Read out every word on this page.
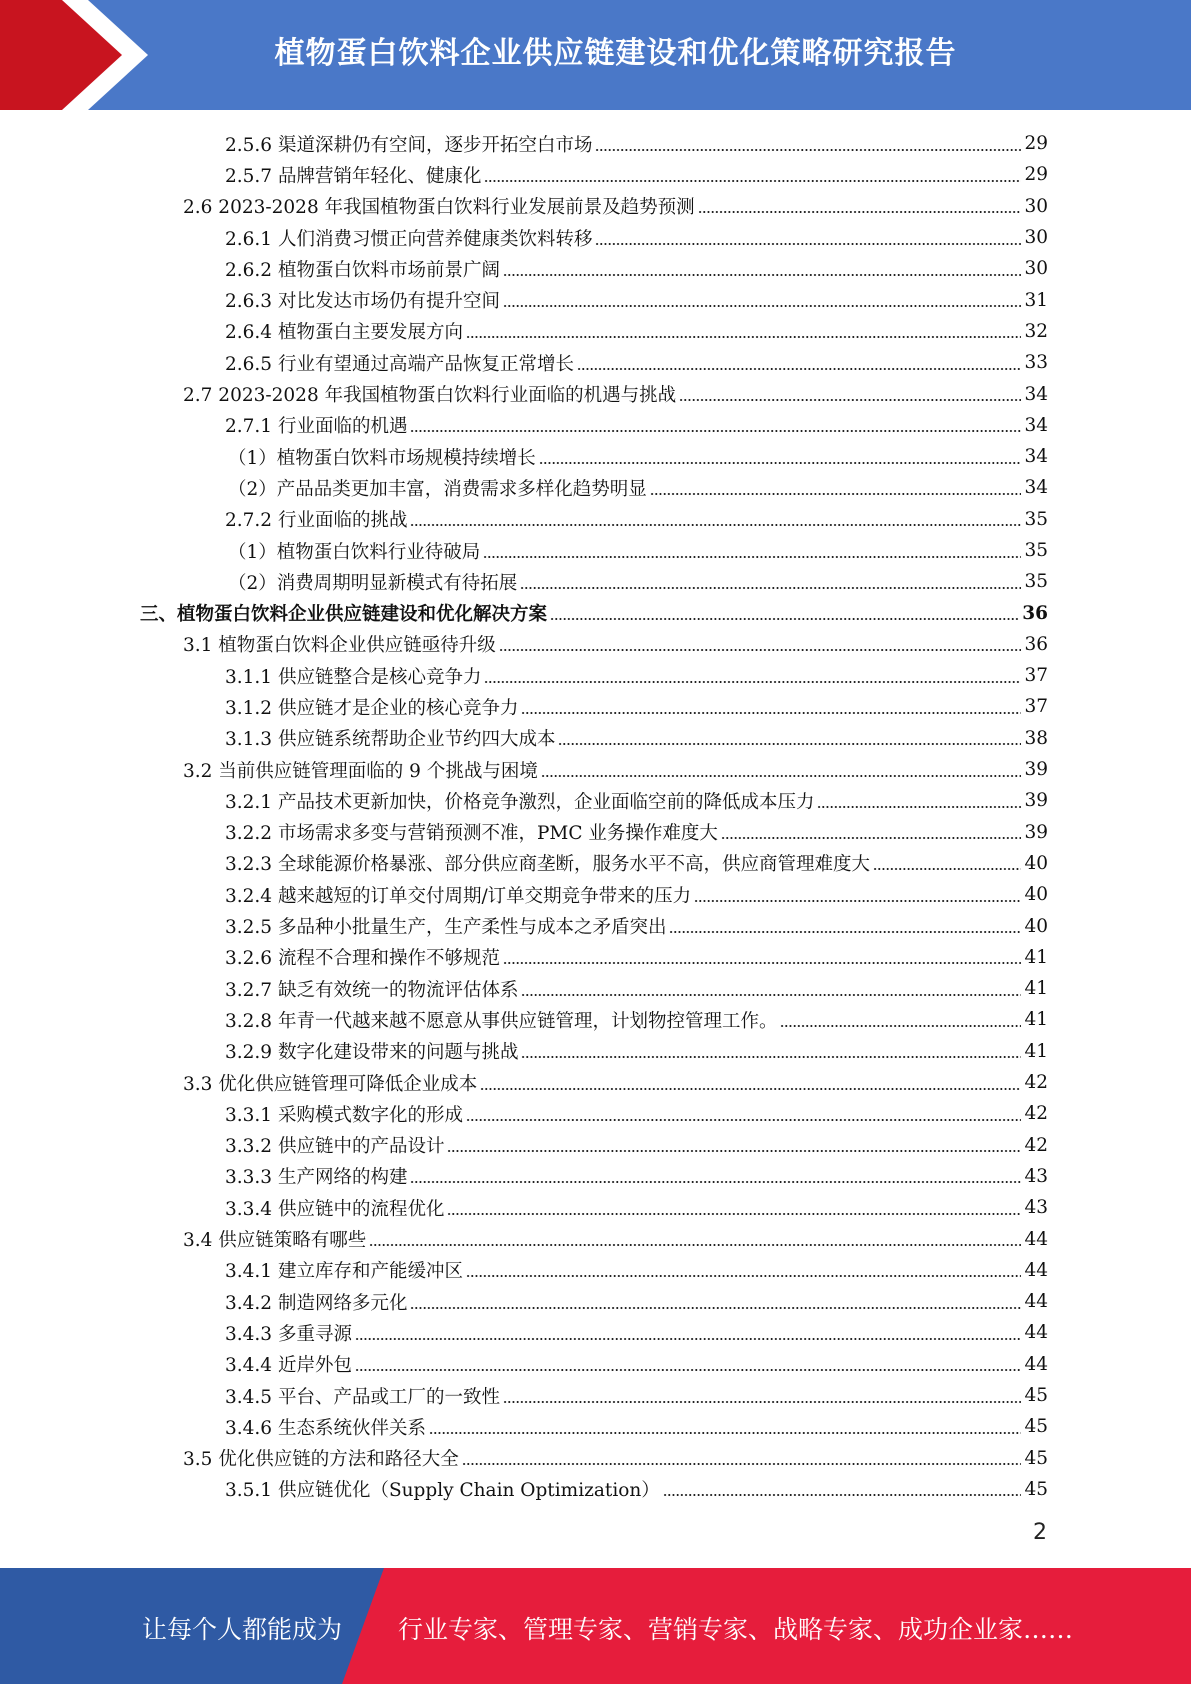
植物蛋白饮料企业供应链建设和优化策略研究报告
2.5.6 渠道深耕仍有空间，逐步开拓空白市场	29
2.5.7 品牌营销年轻化、健康化	29
2.6 2023-2028 年我国植物蛋白饮料行业发展前景及趋势预测	30
2.6.1 人们消费习惯正向营养健康类饮料转移	30
2.6.2 植物蛋白饮料市场前景广阔	30
2.6.3 对比发达市场仍有提升空间	31
2.6.4 植物蛋白主要发展方向	32
2.6.5 行业有望通过高端产品恢复正常增长	33
2.7 2023-2028 年我国植物蛋白饮料行业面临的机遇与挑战	34
2.7.1 行业面临的机遇	34
（1）植物蛋白饮料市场规模持续增长	34
（2）产品品类更加丰富，消费需求多样化趋势明显	34
2.7.2 行业面临的挑战	35
（1）植物蛋白饮料行业待破局	35
（2）消费周期明显新模式有待拓展	35
三、植物蛋白饮料企业供应链建设和优化解决方案	36
3.1 植物蛋白饮料企业供应链亟待升级	36
3.1.1 供应链整合是核心竞争力	37
3.1.2 供应链才是企业的核心竞争力	37
3.1.3 供应链系统帮助企业节约四大成本	38
3.2 当前供应链管理面临的 9 个挑战与困境	39
3.2.1 产品技术更新加快，价格竞争激烈，企业面临空前的降低成本压力	39
3.2.2 市场需求多变与营销预测不准，PMC 业务操作难度大	39
3.2.3 全球能源价格暴涨、部分供应商垄断，服务水平不高，供应商管理难度大	40
3.2.4 越来越短的订单交付周期/订单交期竞争带来的压力	40
3.2.5 多品种小批量生产，生产柔性与成本之矛盾突出	40
3.2.6 流程不合理和操作不够规范	41
3.2.7 缺乏有效统一的物流评估体系	41
3.2.8 年青一代越来越不愿意从事供应链管理，计划物控管理工作。	41
3.2.9 数字化建设带来的问题与挑战	41
3.3 优化供应链管理可降低企业成本	42
3.3.1 采购模式数字化的形成	42
3.3.2 供应链中的产品设计	42
3.3.3 生产网络的构建	43
3.3.4 供应链中的流程优化	43
3.4 供应链策略有哪些	44
3.4.1 建立库存和产能缓冲区	44
3.4.2 制造网络多元化	44
3.4.3 多重寻源	44
3.4.4 近岸外包	44
3.4.5 平台、产品或工厂的一致性	45
3.4.6 生态系统伙伴关系	45
3.5 优化供应链的方法和路径大全	45
3.5.1 供应链优化（Supply Chain Optimization）	45
2
让每个人都能成为 行业专家、管理专家、营销专家、战略专家、成功企业家……
